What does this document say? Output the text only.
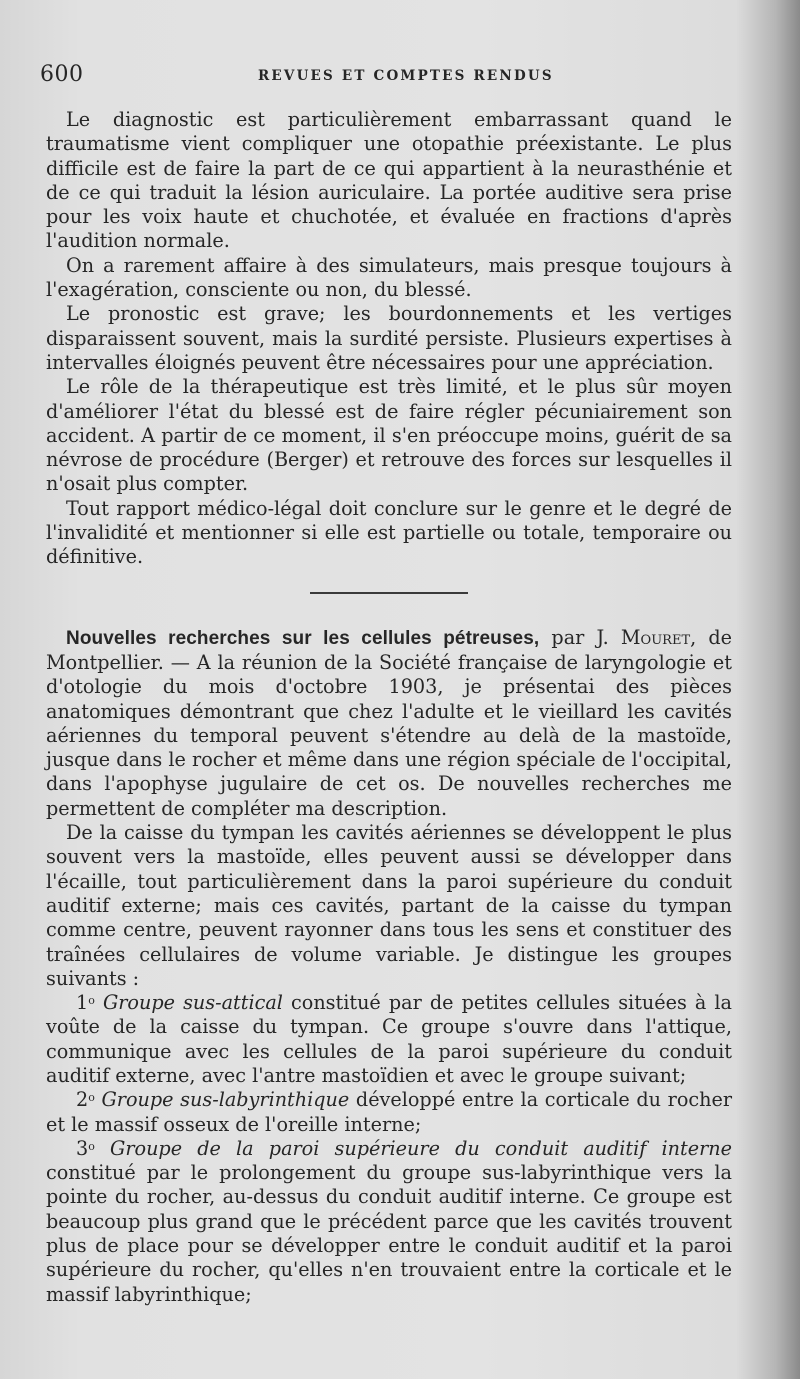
600	REVUES ET COMPTES RENDUS

Le diagnostic est particulièrement embarrassant quand le traumatisme vient compliquer une otopathie préexistante. Le plus difficile est de faire la part de ce qui appartient à la neurasthénie et de ce qui traduit la lésion auriculaire. La portée auditive sera prise pour les voix haute et chuchotée, et évaluée en fractions d'après l'audition normale.

On a rarement affaire à des simulateurs, mais presque toujours à l'exagération, consciente ou non, du blessé.

Le pronostic est grave; les bourdonnements et les vertiges disparaissent souvent, mais la surdité persiste. Plusieurs expertises à intervalles éloignés peuvent être nécessaires pour une appréciation.

Le rôle de la thérapeutique est très limité, et le plus sûr moyen d'améliorer l'état du blessé est de faire régler pécuniairement son accident. A partir de ce moment, il s'en préoccupe moins, guérit de sa névrose de procédure (Berger) et retrouve des forces sur lesquelles il n'osait plus compter.

Tout rapport médico-légal doit conclure sur le genre et le degré de l'invalidité et mentionner si elle est partielle ou totale, temporaire ou définitive.

Nouvelles recherches sur les cellules pétreuses, par J. Mouret, de Montpellier. — A la réunion de la Société française de laryngologie et d'otologie du mois d'octobre 1903, je présentai des pièces anatomiques démontrant que chez l'adulte et le vieillard les cavités aériennes du temporal peuvent s'étendre au delà de la mastoïde, jusque dans le rocher et même dans une région spéciale de l'occipital, dans l'apophyse jugulaire de cet os. De nouvelles recherches me permettent de compléter ma description.

De la caisse du tympan les cavités aériennes se développent le plus souvent vers la mastoïde, elles peuvent aussi se développer dans l'écaille, tout particulièrement dans la paroi supérieure du conduit auditif externe; mais ces cavités, partant de la caisse du tympan comme centre, peuvent rayonner dans tous les sens et constituer des traînées cellulaires de volume variable. Je distingue les groupes suivants :

1$^o$ Groupe sus-attical constitué par de petites cellules situées à la voûte de la caisse du tympan. Ce groupe s'ouvre dans l'attique, communique avec les cellules de la paroi supérieure du conduit auditif externe, avec l'antre mastoïdien et avec le groupe suivant;

2$^o$ Groupe sus-labyrinthique développé entre la corticale du rocher et le massif osseux de l'oreille interne;

3$^o$ Groupe de la paroi supérieure du conduit auditif interne constitué par le prolongement du groupe sus-labyrinthique vers la pointe du rocher, au-dessus du conduit auditif interne. Ce groupe est beaucoup plus grand que le précédent parce que les cavités trouvent plus de place pour se développer entre le conduit auditif et la paroi supérieure du rocher, qu'elles n'en trouvaient entre la corticale et le massif labyrinthique;
